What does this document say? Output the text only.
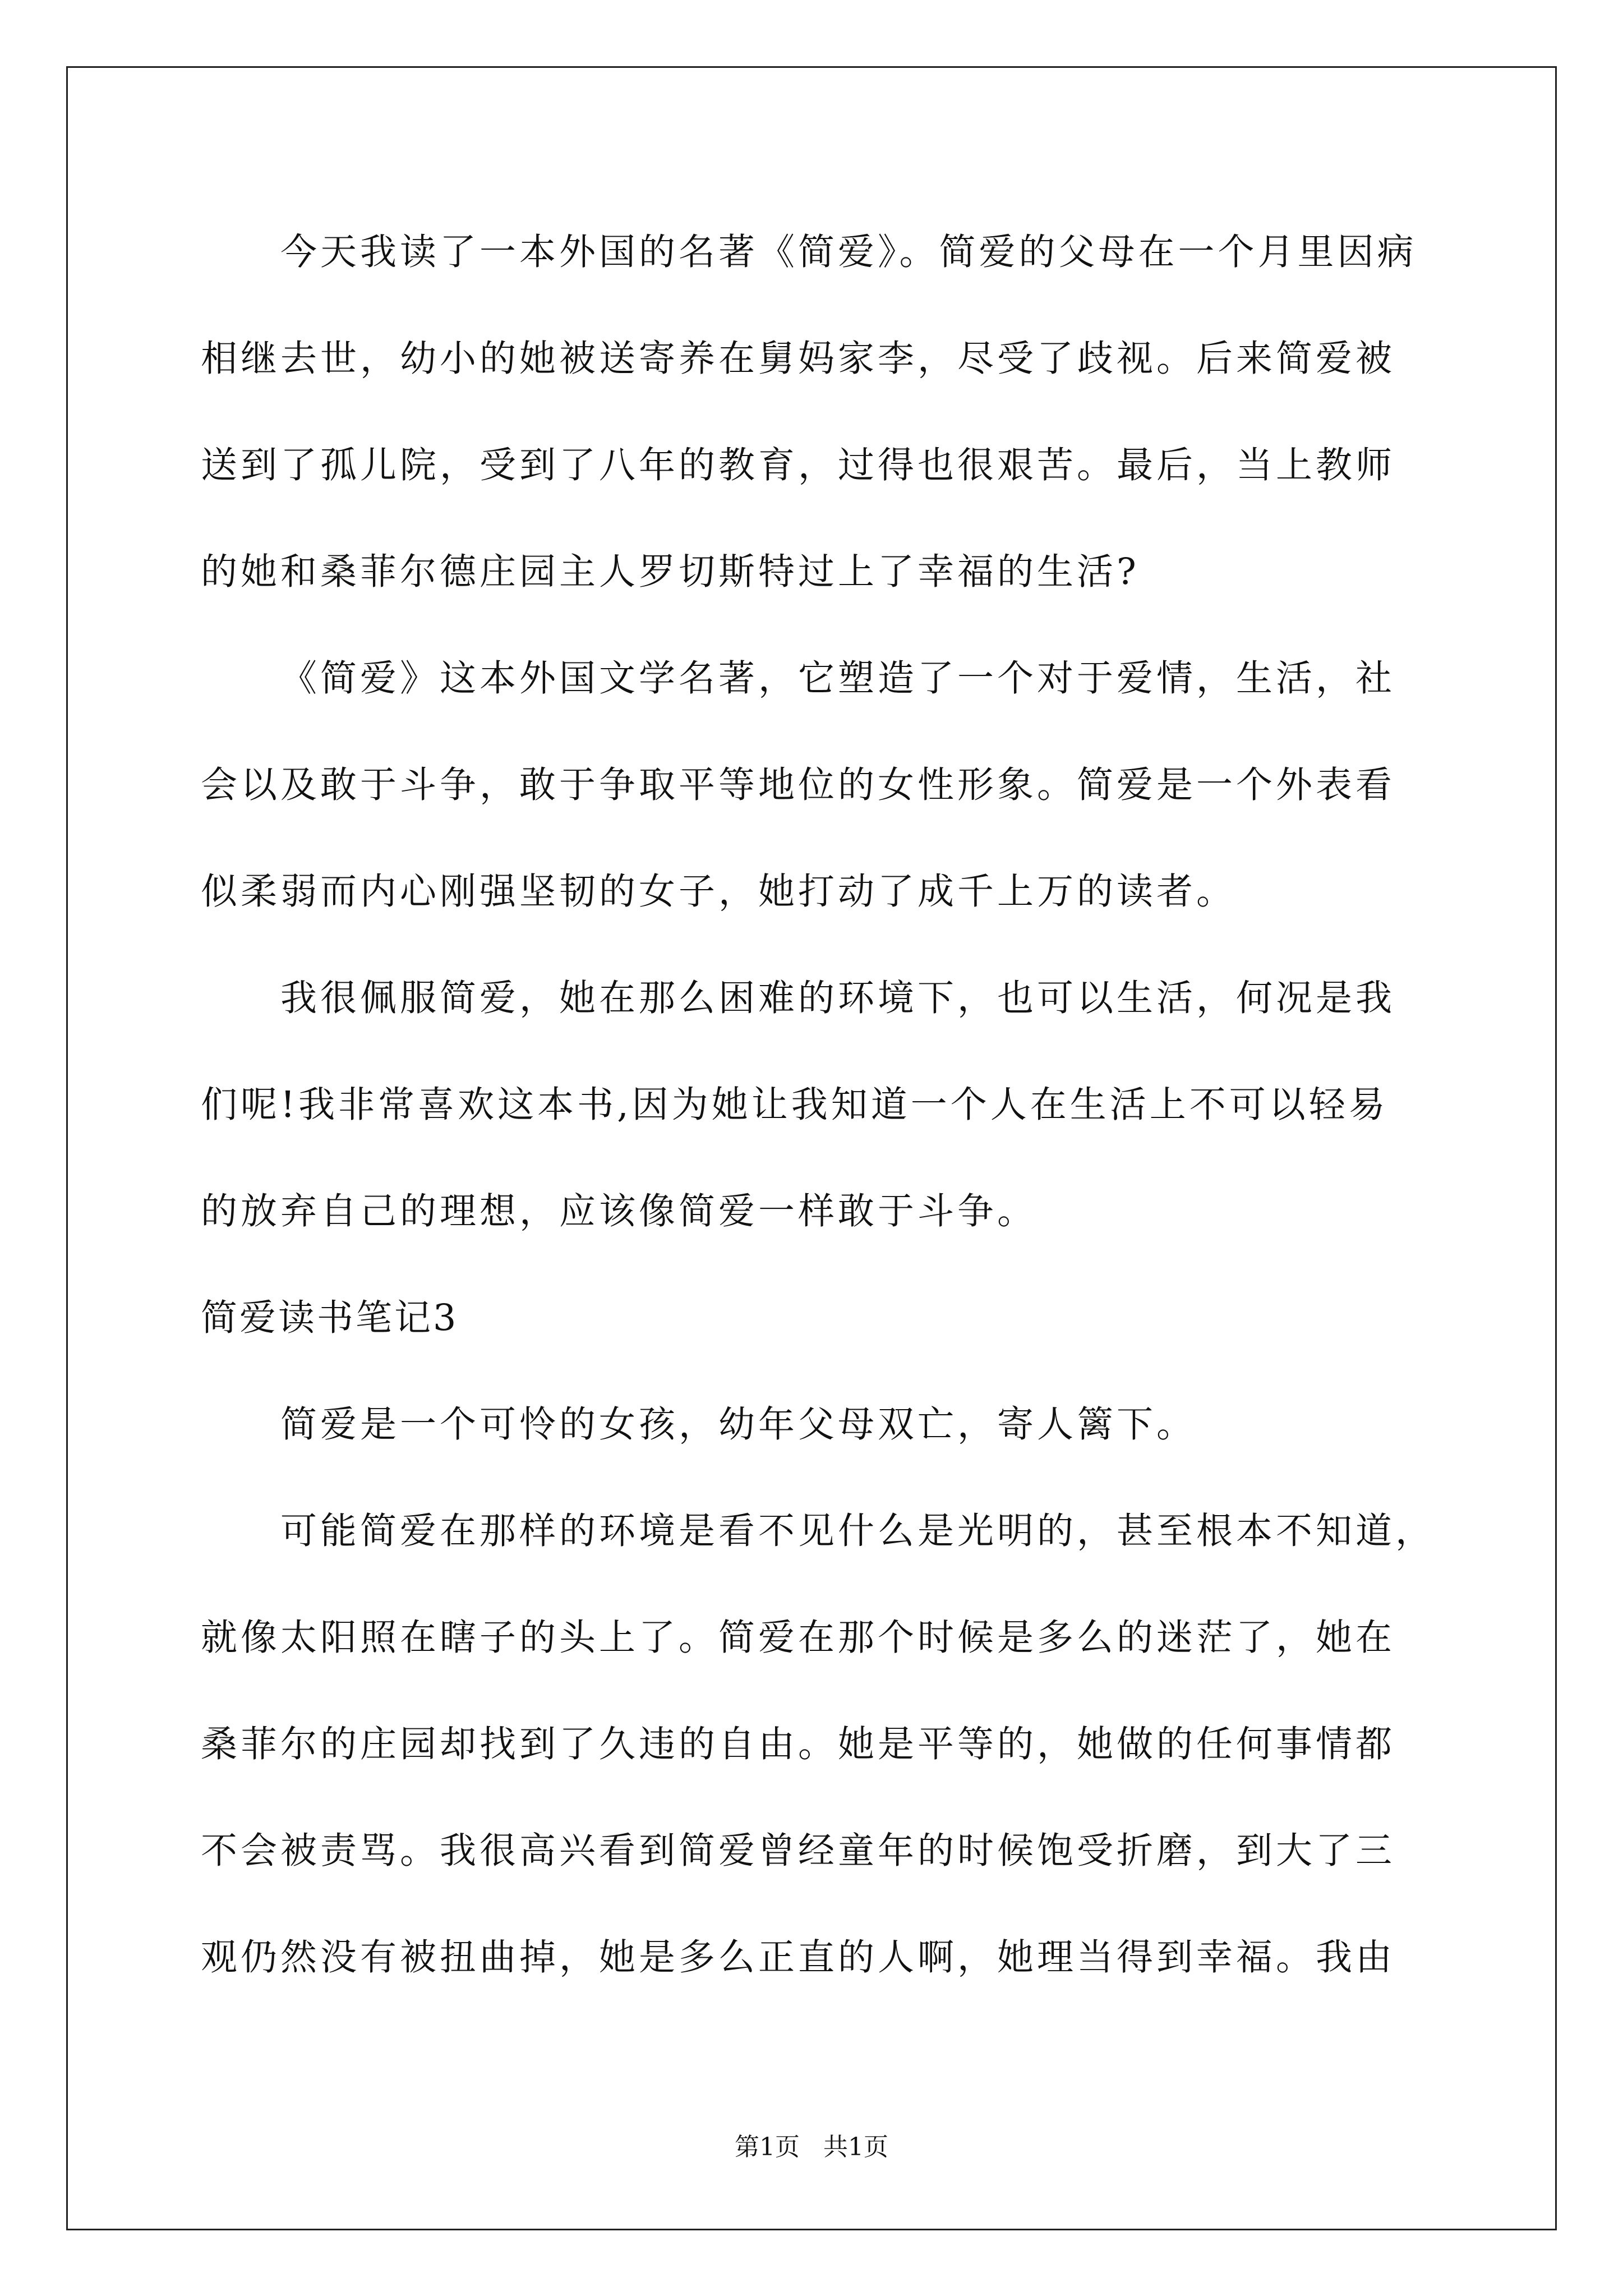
今天我读了一本外国的名著《简爱》。简爱的父母在一个月里因病
相继去世，幼小的她被送寄养在舅妈家李，尽受了歧视。后来简爱被
送到了孤儿院，受到了八年的教育，过得也很艰苦。最后，当上教师
的她和桑菲尔德庄园主人罗切斯特过上了幸福的生活?
《简爱》这本外国文学名著，它塑造了一个对于爱情，生活，社
会以及敢于斗争，敢于争取平等地位的女性形象。简爱是一个外表看
似柔弱而内心刚强坚韧的女子，她打动了成千上万的读者。
我很佩服简爱，她在那么困难的环境下，也可以生活，何况是我
们呢!我非常喜欢这本书,因为她让我知道一个人在生活上不可以轻易
的放弃自己的理想，应该像简爱一样敢于斗争。
简爱读书笔记3
简爱是一个可怜的女孩，幼年父母双亡，寄人篱下。
可能简爱在那样的环境是看不见什么是光明的，甚至根本不知道，
就像太阳照在瞎子的头上了。简爱在那个时候是多么的迷茫了，她在
桑菲尔的庄园却找到了久违的自由。她是平等的，她做的任何事情都
不会被责骂。我很高兴看到简爱曾经童年的时候饱受折磨，到大了三
观仍然没有被扭曲掉，她是多么正直的人啊，她理当得到幸福。我由
第1页   共1页
